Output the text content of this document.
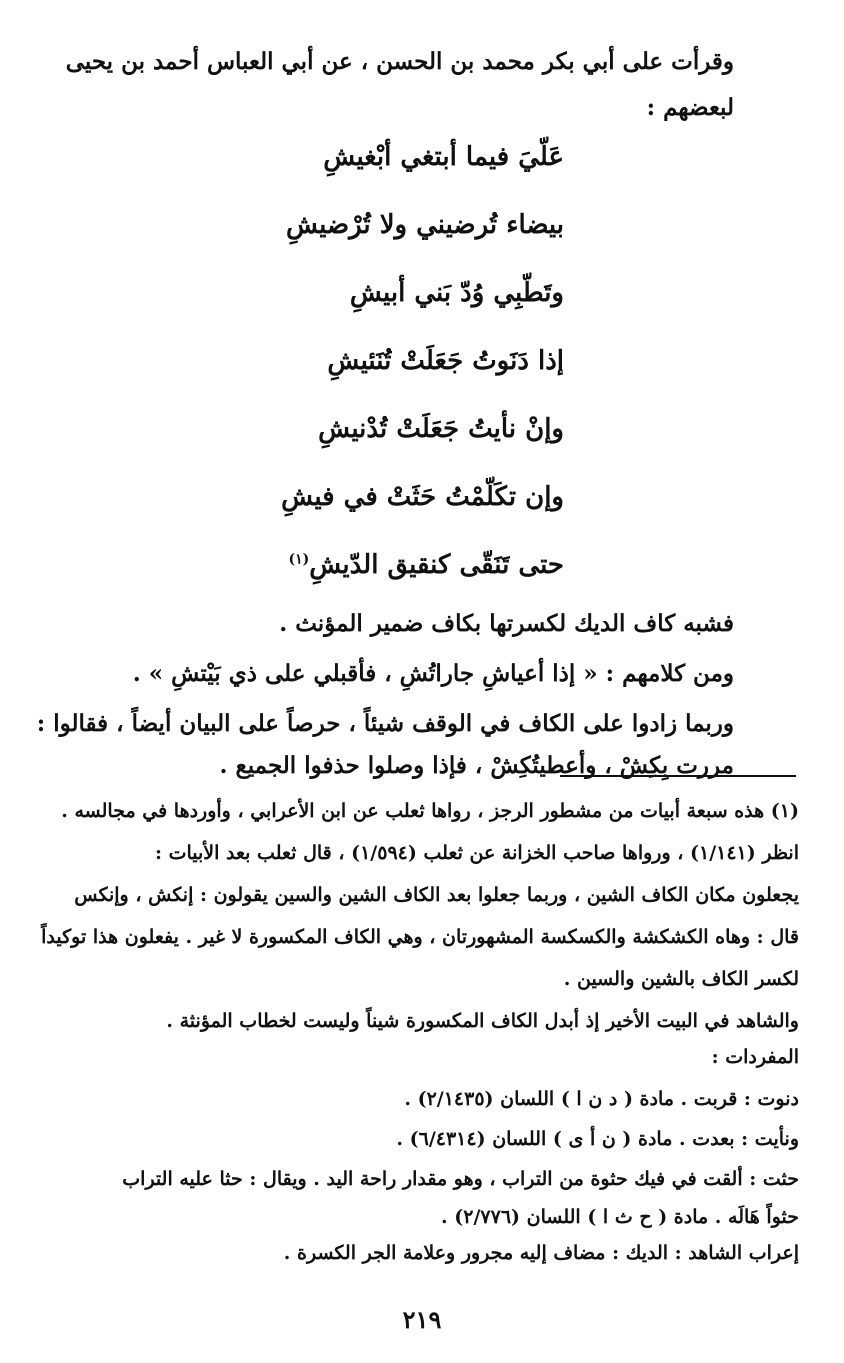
وقرأت على أبي بكر محمد بن الحسن ، عن أبي العباس أحمد بن يحيى
لبعضهم :
عَلّيَ فيما أبتغي أبْغيشِ
بيضاء تُرضيني ولا تُرْضيشِ
وتَطّبِي وُدّ بَني أبيشِ
إذا دَنَوتُ جَعَلَتْ تُنَئيشِ
وإنْ نأيتُ جَعَلَتْ تُدْنيشِ
وإن تكَلّمْتُ حَثَتْ في فيشِ
حتى تَنَقّى كنقيق الدّيشِ$^{(١)}$
فشبه كاف الديك لكسرتها بكاف ضمير المؤنث .
ومن كلامهم : « إذا أعياشِ جاراتُشِ ، فأقبلي على ذي بَيْتشِ » .
وربما زادوا على الكاف في الوقف شيئاً ، حرصاً على البيان أيضاً ، فقالوا :
مررت بِكِشْ ، وأعطيتُكِشْ ، فإذا وصلوا حذفوا الجميع .
(١) هذه سبعة أبيات من مشطور الرجز ، رواها ثعلب عن ابن الأعرابي ، وأوردها في مجالسه .
انظر (١/١٤١) ، ورواها صاحب الخزانة عن ثعلب (١/٥٩٤) ، قال ثعلب بعد الأبيات :
يجعلون مكان الكاف الشين ، وربما جعلوا بعد الكاف الشين والسين يقولون : إنكش ، وإنكس
قال : وهاه الكشكشة والكسكسة المشهورتان ، وهي الكاف المكسورة لا غير . يفعلون هذا توكيداً
لكسر الكاف بالشين والسين .
والشاهد في البيت الأخير إذ أبدل الكاف المكسورة شيناً وليست لخطاب المؤنثة .
المفردات :
دنوت : قربت . مادة ( د ن ا ) اللسان (٢/١٤٣٥) .
ونأيت : بعدت . مادة ( ن أ ى ) اللسان (٦/٤٣١٤) .
حثت : ألقت في فيك حثوة من التراب ، وهو مقدار راحة اليد . ويقال : حثا عليه التراب
حثواً هَالَه . مادة ( ح ث ا ) اللسان (٢/٧٧٦) .
إعراب الشاهد : الديك : مضاف إليه مجرور وعلامة الجر الكسرة .
٢١٩
